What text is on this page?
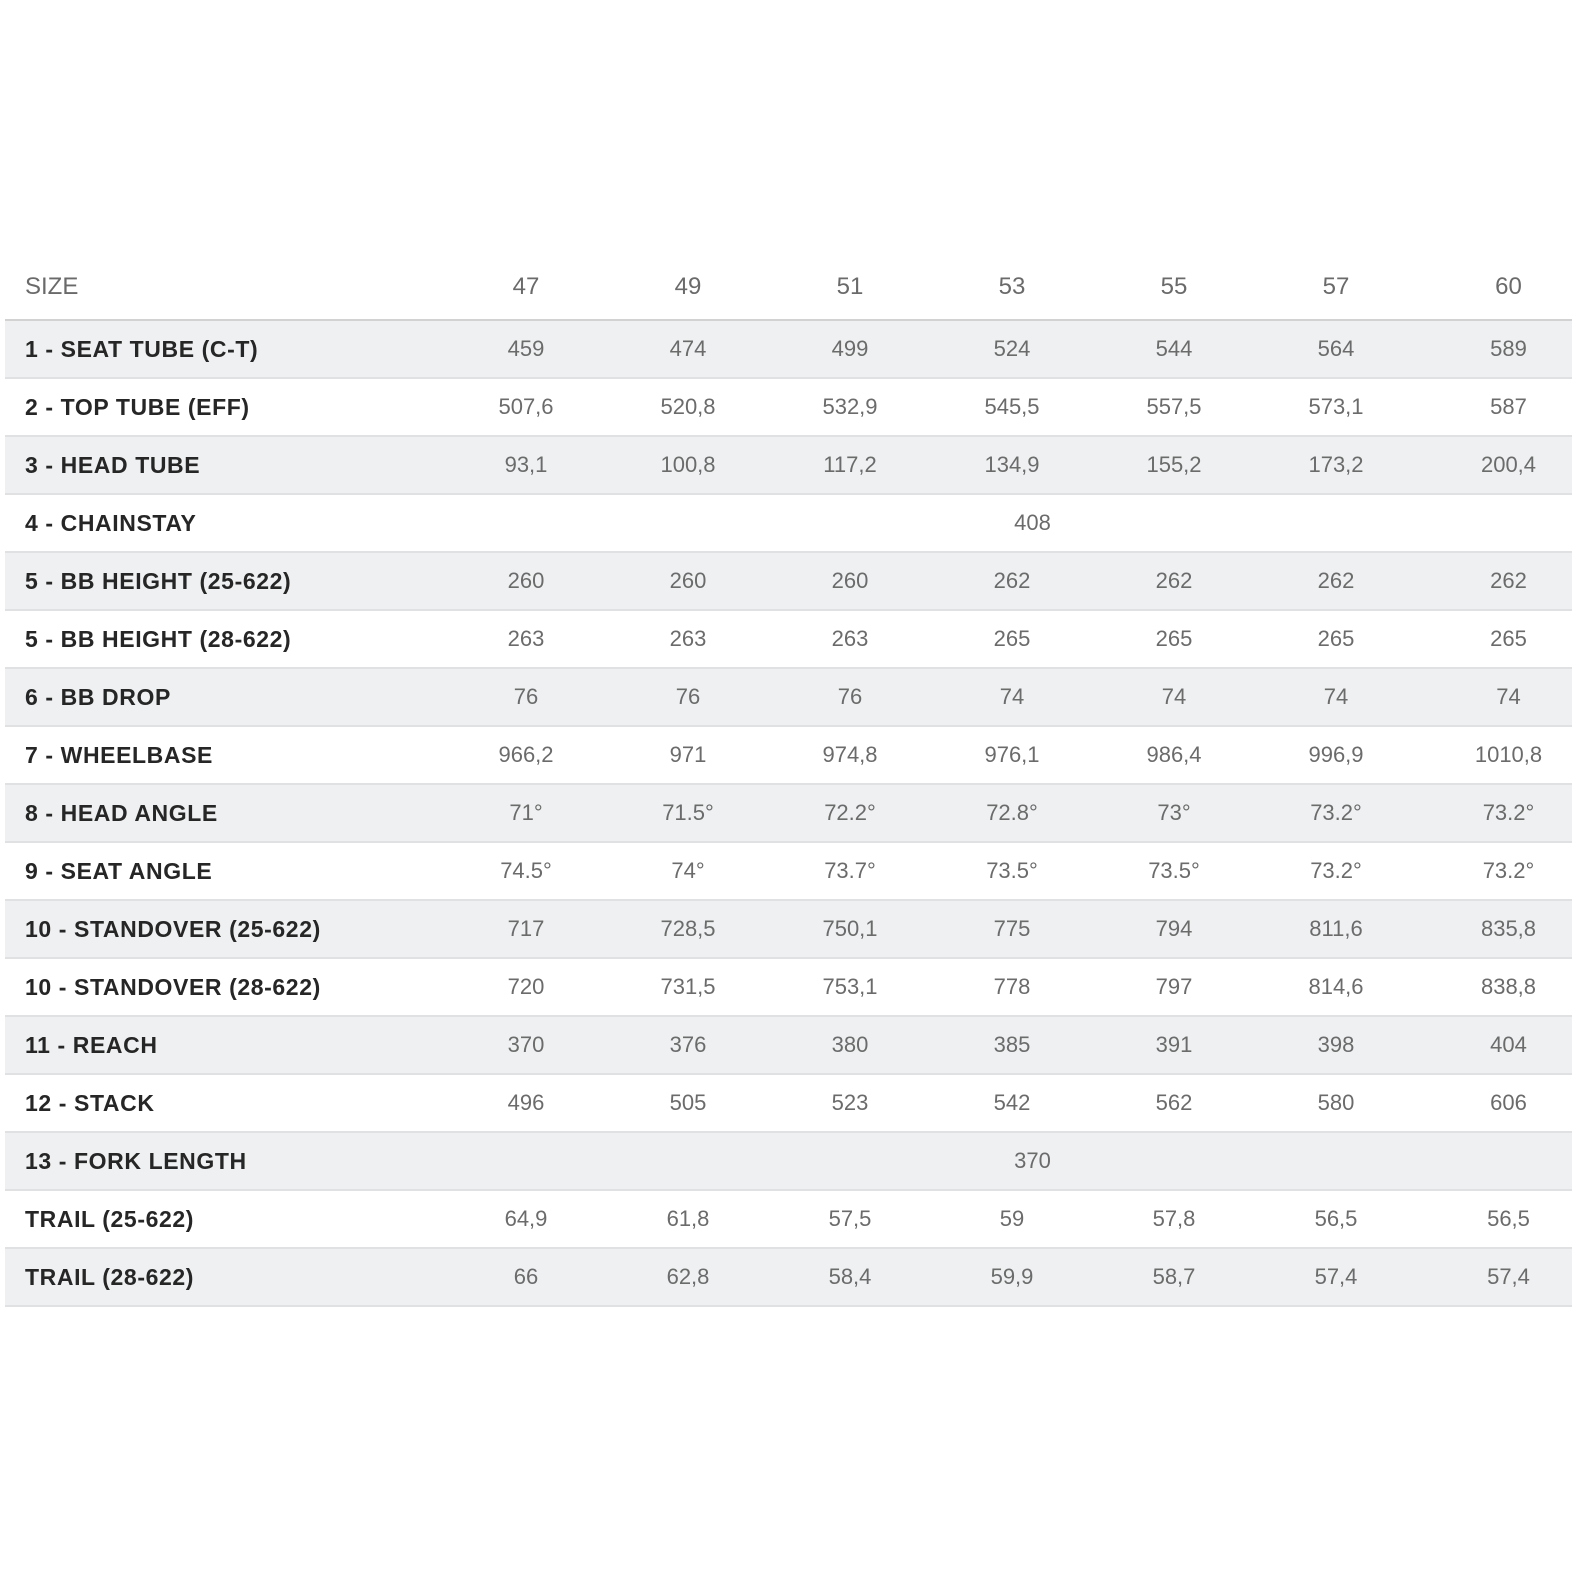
SIZE	47	49	51	53	55	57	60
1 - SEAT TUBE (C-T)	459	474	499	524	544	564	589
2 - TOP TUBE (EFF)	507,6	520,8	532,9	545,5	557,5	573,1	587
3 - HEAD TUBE	93,1	100,8	117,2	134,9	155,2	173,2	200,4
4 - CHAINSTAY	408						
5 - BB HEIGHT (25-622)	260	260	260	262	262	262	262
5 - BB HEIGHT (28-622)	263	263	263	265	265	265	265
6 - BB DROP	76	76	76	74	74	74	74
7 - WHEELBASE	966,2	971	974,8	976,1	986,4	996,9	1010,8
8 - HEAD ANGLE	71°	71.5°	72.2°	72.8°	73°	73.2°	73.2°
9 - SEAT ANGLE	74.5°	74°	73.7°	73.5°	73.5°	73.2°	73.2°
10 - STANDOVER (25-622)	717	728,5	750,1	775	794	811,6	835,8
10 - STANDOVER (28-622)	720	731,5	753,1	778	797	814,6	838,8
11 - REACH	370	376	380	385	391	398	404
12 - STACK	496	505	523	542	562	580	606
13 - FORK LENGTH	370						
TRAIL (25-622)	64,9	61,8	57,5	59	57,8	56,5	56,5
TRAIL (28-622)	66	62,8	58,4	59,9	58,7	57,4	57,4
